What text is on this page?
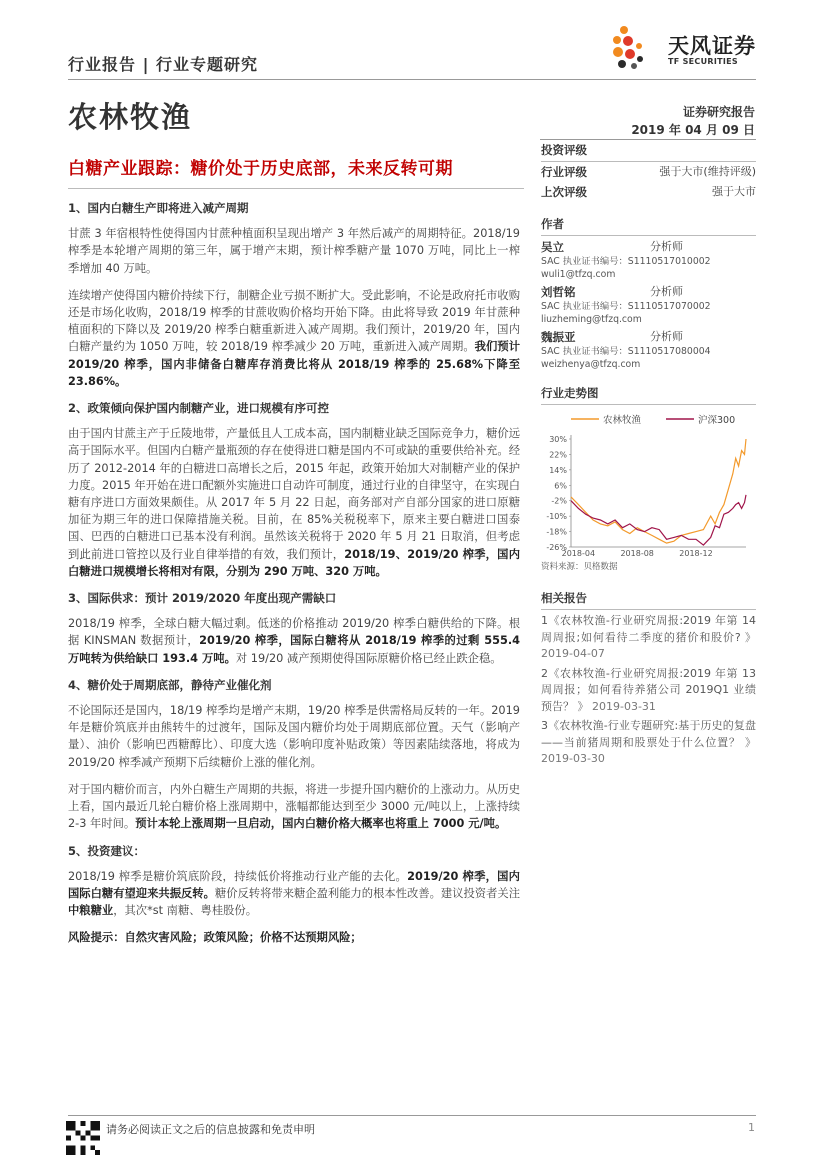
行业报告 | 行业专题研究
天风证券
TF SECURITIES
农林牧渔	证券研究报告
2019 年 04 月 09 日
白糖产业跟踪：糖价处于历史底部，未来反转可期
1、国内白糖生产即将进入减产周期

甘蔗 3 年宿根特性使得国内甘蔗种植面积呈现出增产 3 年然后减产的周期特征。2018/19 榨季是本轮增产周期的第三年，属于增产末期，预计榨季糖产量 1070 万吨，同比上一榨季增加 40 万吨。

连续增产使得国内糖价持续下行，制糖企业亏损不断扩大。受此影响，不论是政府托市收购还是市场化收购，2018/19 榨季的甘蔗收购价格均开始下降。由此将导致 2019 年甘蔗种植面积的下降以及 2019/20 榨季白糖重新进入减产周期。我们预计，2019/20 年，国内白糖产量约为 1050 万吨，较 2018/19 榨季减少 20 万吨，重新进入减产周期。我们预计 2019/20 榨季，国内非储备白糖库存消费比将从 2018/19 榨季的 25.68%下降至 23.86%。

2、政策倾向保护国内制糖产业，进口规模有序可控

由于国内甘蔗主产于丘陵地带，产量低且人工成本高，国内制糖业缺乏国际竞争力，糖价远高于国际水平。但国内白糖产量瓶颈的存在使得进口糖是国内不可或缺的重要供给补充。经历了 2012-2014 年的白糖进口高增长之后，2015 年起，政策开始加大对制糖产业的保护力度。2015 年开始在进口配额外实施进口自动许可制度，通过行业的自律坚守，在实现白糖有序进口方面效果颇佳。从 2017 年 5 月 22 日起，商务部对产自部分国家的进口原糖加征为期三年的进口保障措施关税。目前，在 85%关税税率下，原来主要白糖进口国泰国、巴西的白糖进口已基本没有利润。虽然该关税将于 2020 年 5 月 21 日取消，但考虑到此前进口管控以及行业自律举措的有效，我们预计，2018/19、2019/20 榨季，国内白糖进口规模增长将相对有限，分别为 290 万吨、320 万吨。

3、国际供求：预计 2019/2020 年度出现产需缺口

2018/19 榨季，全球白糖大幅过剩。低迷的价格推动 2019/20 榨季白糖供给的下降。根据 KINSMAN 数据预计，2019/20 榨季，国际白糖将从 2018/19 榨季的过剩 555.4 万吨转为供给缺口 193.4 万吨。对 19/20 减产预期使得国际原糖价格已经止跌企稳。

4、糖价处于周期底部，静待产业催化剂

不论国际还是国内，18/19 榨季均是增产末期，19/20 榨季是供需格局反转的一年。2019 年是糖价筑底并由熊转牛的过渡年，国际及国内糖价均处于周期底部位置。天气（影响产量）、油价（影响巴西糖醇比）、印度大选（影响印度补贴政策）等因素陆续落地，将成为 2019/20 榨季减产预期下后续糖价上涨的催化剂。

对于国内糖价而言，内外白糖生产周期的共振，将进一步提升国内糖价的上涨动力。从历史上看，国内最近几轮白糖价格上涨周期中，涨幅都能达到至少 3000 元/吨以上，上涨持续 2-3 年时间。预计本轮上涨周期一旦启动，国内白糖价格大概率也将重上 7000 元/吨。

5、投资建议：

2018/19 榨季是糖价筑底阶段，持续低价将推动行业产能的去化。2019/20 榨季，国内国际白糖有望迎来共振反转。糖价反转将带来糖企盈利能力的根本性改善。建议投资者关注中粮糖业，其次*st 南糖、粤桂股份。

风险提示：自然灾害风险；政策风险；价格不达预期风险；

投资评级
行业评级	强于大市(维持评级)
上次评级	强于大市
作者
吴立	分析师
SAC 执业证书编号：S1110517010002
wuli1@tfzq.com
刘哲铭	分析师
SAC 执业证书编号：S1110517070002
liuzheming@tfzq.com
魏振亚	分析师
SAC 执业证书编号：S1110517080004
weizhenya@tfzq.com
行业走势图
农林牧渔	沪深300
30%
22%
14%
6%
-2%
-10%
-18%
-26%
2018-04	2018-08	2018-12
资料来源：贝格数据
相关报告
1《农林牧渔-行业研究周报:2019 年第 14 周周报;如何看待二季度的猪价和股价? 》 2019-04-07
2《农林牧渔-行业研究周报:2019 年第 13 周周报；如何看待养猪公司 2019Q1 业绩预告？ 》 2019-03-31
3《农林牧渔-行业专题研究:基于历史的复盘——当前猪周期和股票处于什么位置？ 》 2019-03-30
请务必阅读正文之后的信息披露和免责申明	1
